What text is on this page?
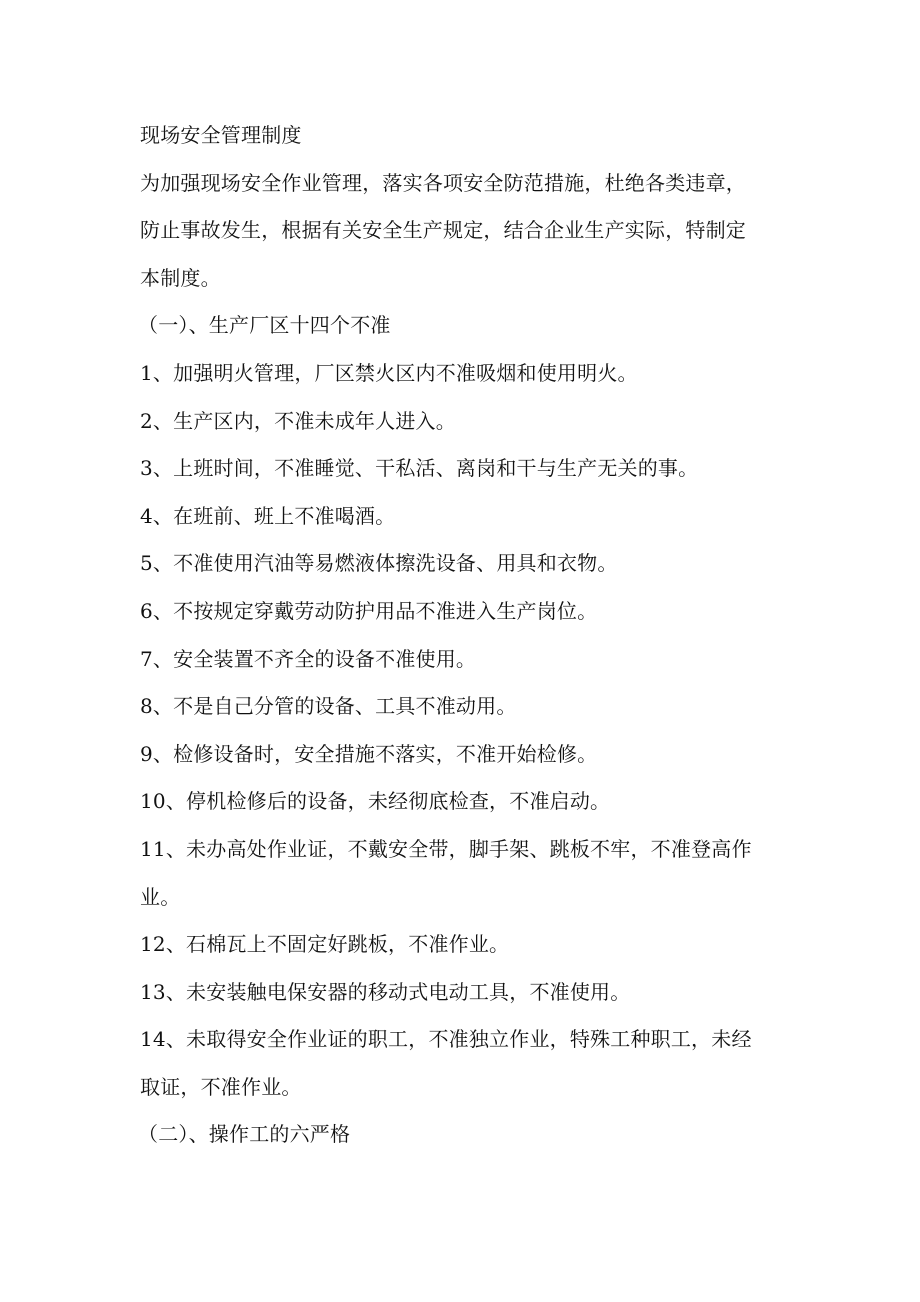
现场安全管理制度
为加强现场安全作业管理，落实各项安全防范措施，杜绝各类违章，
防止事故发生，根据有关安全生产规定，结合企业生产实际，特制定
本制度。
（一）、生产厂区十四个不准
1、加强明火管理，厂区禁火区内不准吸烟和使用明火。
2、生产区内，不准未成年人进入。
3、上班时间，不准睡觉、干私活、离岗和干与生产无关的事。
4、在班前、班上不准喝酒。
5、不准使用汽油等易燃液体擦洗设备、用具和衣物。
6、不按规定穿戴劳动防护用品不准进入生产岗位。
7、安全装置不齐全的设备不准使用。
8、不是自己分管的设备、工具不准动用。
9、检修设备时，安全措施不落实，不准开始检修。
10、停机检修后的设备，未经彻底检查，不准启动。
11、未办高处作业证，不戴安全带，脚手架、跳板不牢，不准登高作
业。
12、石棉瓦上不固定好跳板，不准作业。
13、未安装触电保安器的移动式电动工具，不准使用。
14、未取得安全作业证的职工，不准独立作业，特殊工种职工，未经
取证，不准作业。
（二）、操作工的六严格
